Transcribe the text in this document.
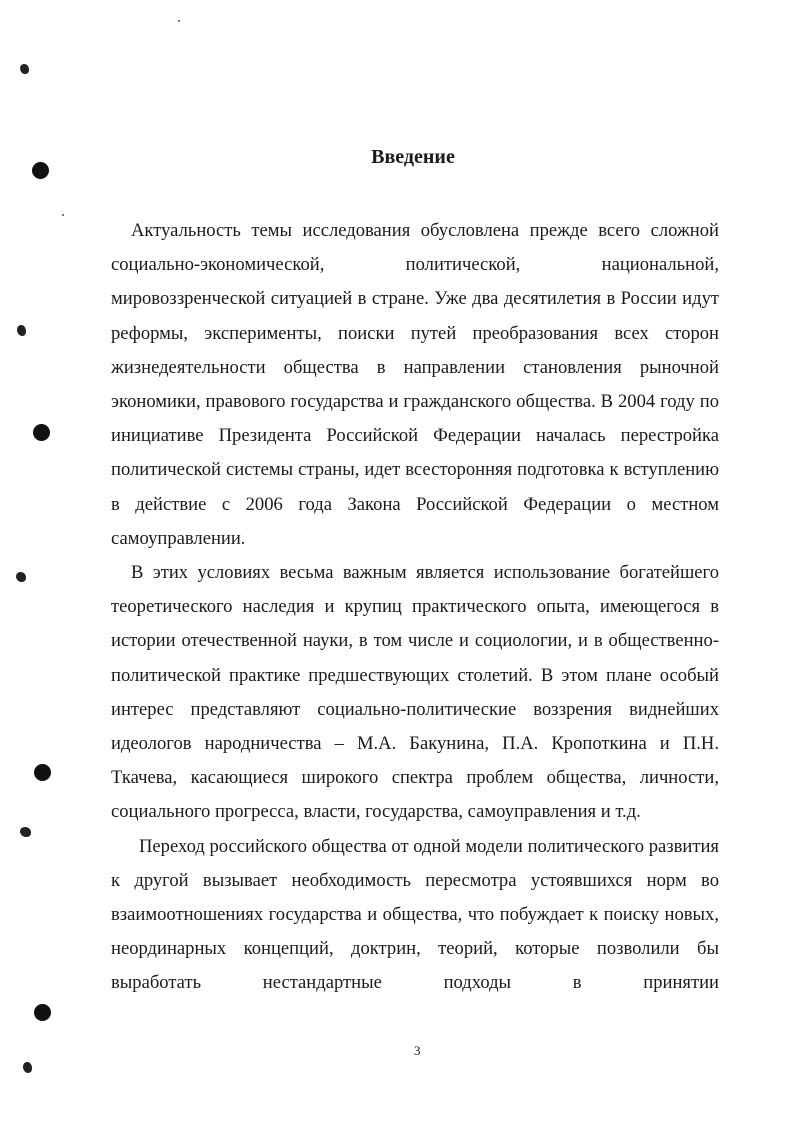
Введение

Актуальность темы исследования обусловлена прежде всего сложной социально-экономической, политической, национальной, мировоззренческой ситуацией в стране. Уже два десятилетия в России идут реформы, эксперименты, поиски путей преобразования всех сторон жизнедеятельности общества в направлении становления рыночной экономики, правового государства и гражданского общества. В 2004 году по инициативе Президента Российской Федерации началась перестройка политической системы страны, идет всесторонняя подготовка к вступлению в действие с 2006 года Закона Российской Федерации о местном самоуправлении.

В этих условиях весьма важным является использование богатейшего теоретического наследия и крупиц практического опыта, имеющегося в истории отечественной науки, в том числе и социологии, и в общественно-политической практике предшествующих столетий. В этом плане особый интерес представляют социально-политические воззрения виднейших идеологов народничества – М.А. Бакунина, П.А. Кропоткина и П.Н. Ткачева, касающиеся широкого спектра проблем общества, личности, социального прогресса, власти, государства, самоуправления и т.д.

Переход российского общества от одной модели политического развития к другой вызывает необходимость пересмотра устоявшихся норм во взаимоотношениях государства и общества, что побуждает к поиску новых, неординарных концепций, доктрин, теорий, которые позволили бы выработать нестандартные подходы в принятии

3
